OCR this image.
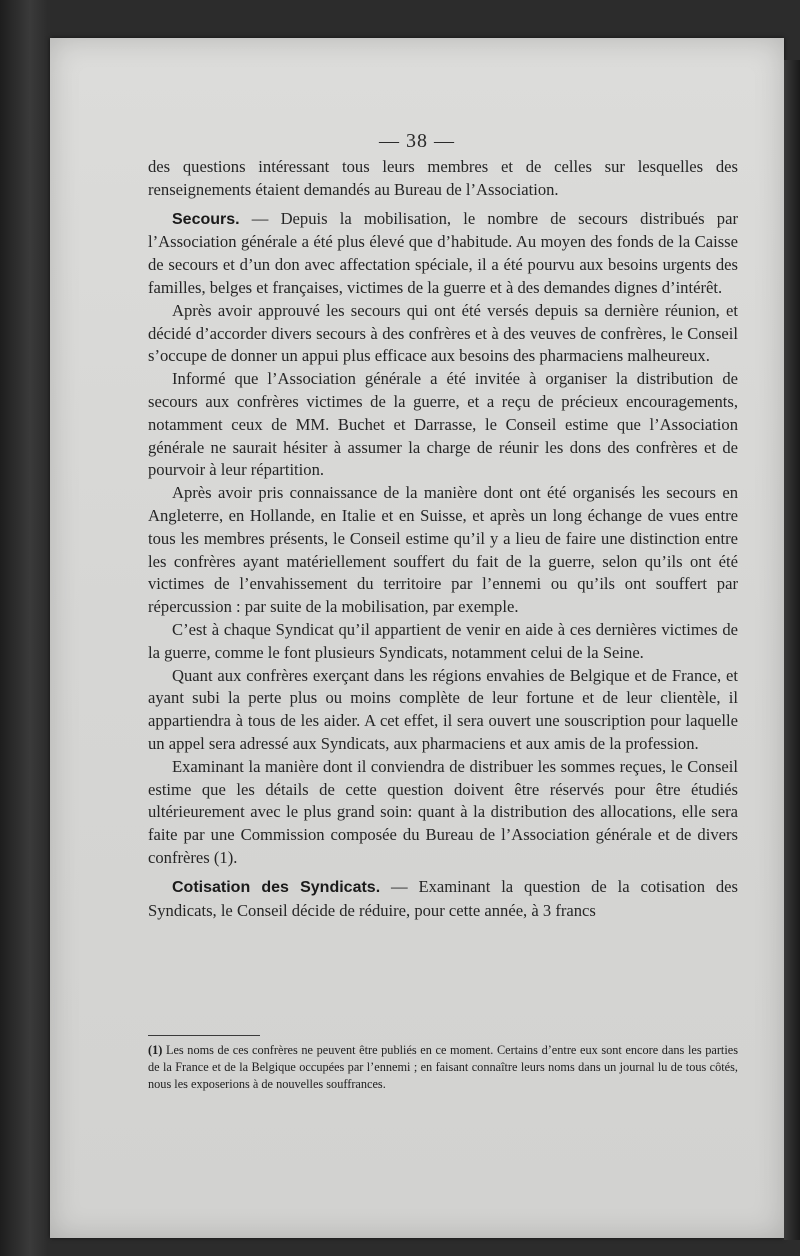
— 38 —

des questions intéressant tous leurs membres et de celles sur lesquelles des renseignements étaient demandés au Bureau de l’Association.

Secours. — Depuis la mobilisation, le nombre de secours distribués par l’Association générale a été plus élevé que d’habitude. Au moyen des fonds de la Caisse de secours et d’un don avec affectation spéciale, il a été pourvu aux besoins urgents des familles, belges et françaises, victimes de la guerre et à des demandes dignes d’intérêt.

Après avoir approuvé les secours qui ont été versés depuis sa dernière réunion, et décidé d’accorder divers secours à des confrères et à des veuves de confrères, le Conseil s’occupe de donner un appui plus efficace aux besoins des pharmaciens malheureux.

Informé que l’Association générale a été invitée à organiser la distribution de secours aux confrères victimes de la guerre, et a reçu de précieux encouragements, notamment ceux de MM. Buchet et Darrasse, le Conseil estime que l’Association générale ne saurait hésiter à assumer la charge de réunir les dons des confrères et de pourvoir à leur répartition.

Après avoir pris connaissance de la manière dont ont été organisés les secours en Angleterre, en Hollande, en Italie et en Suisse, et après un long échange de vues entre tous les membres présents, le Conseil estime qu’il y a lieu de faire une distinction entre les confrères ayant matériellement souffert du fait de la guerre, selon qu’ils ont été victimes de l’envahissement du territoire par l’ennemi ou qu’ils ont souffert par répercussion : par suite de la mobilisation, par exemple.

C’est à chaque Syndicat qu’il appartient de venir en aide à ces dernières victimes de la guerre, comme le font plusieurs Syndicats, notamment celui de la Seine.

Quant aux confrères exerçant dans les régions envahies de Belgique et de France, et ayant subi la perte plus ou moins complète de leur fortune et de leur clientèle, il appartiendra à tous de les aider. A cet effet, il sera ouvert une souscription pour laquelle un appel sera adressé aux Syndicats, aux pharmaciens et aux amis de la profession.

Examinant la manière dont il conviendra de distribuer les sommes reçues, le Conseil estime que les détails de cette question doivent être réservés pour être étudiés ultérieurement avec le plus grand soin: quant à la distribution des allocations, elle sera faite par une Commission composée du Bureau de l’Association générale et de divers confrères (1).

Cotisation des Syndicats. — Examinant la question de la cotisation des Syndicats, le Conseil décide de réduire, pour cette année, à 3 francs

(1) Les noms de ces confrères ne peuvent être publiés en ce moment. Certains d’entre eux sont encore dans les parties de la France et de la Belgique occupées par l’ennemi ; en faisant connaître leurs noms dans un journal lu de tous côtés, nous les exposerions à de nouvelles souffrances.
